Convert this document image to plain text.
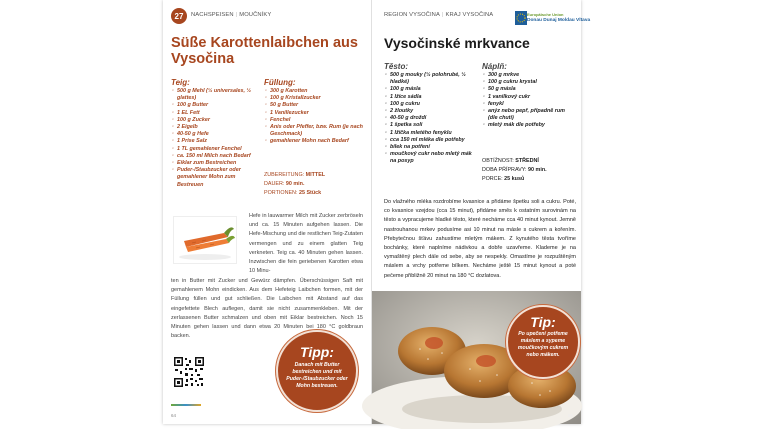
27	NACHSPEISEN | MOUČNÍKY
Süße Karottenlaibchen aus Vysočina
Teig:
· 500 g Mehl (½ universales, ½ glattes)
· 100 g Butter
· 1 EL Fett
· 100 g Zucker
· 2 Eigelb
· 40-50 g Hefe
· 1 Prise Salz
· 1 TL gemahlener Fenchel
· ca. 150 ml Milch nach Bedarf
· Eiklar zum Bestreichen
· Puder-/Staubzucker oder gemahlener Mohn zum Bestreuen
Füllung:
· 300 g Karotten
· 100 g Kristallzucker
· 50 g Butter
· 1 Vanillezucker
· Fenchel
· Anis oder Pfeffer, bzw. Rum (je nach Geschmack)
· gemahlener Mohn nach Bedarf
ZUBEREITUNG: MITTEL
DAUER: 90 min.
PORTIONEN: 25 Stück
Hefe in lauwarmer Milch mit Zucker zerbröseln und ca. 15 Minuten aufgehen lassen. Die Hefe-Mischung und die restlichen Teig-Zutaten vermengen und zu einem glatten Teig verkneten. Teig ca. 40 Minuten gehen lassen. Inzwischen die fein geriebenen Karotten etwa 10 Minu-
ten in Butter mit Zucker und Gewürz dämpfen. Überschüssigen Saft mit gemahlenem Mohn eindicken. Aus dem Hefeteig Laibchen formen, mit der Füllung füllen und gut schließen. Die Laibchen mit Abstand auf das eingefettete Blech auflegen, damit sie nicht zusammenkleben. Mit der zerlassenen Butter schmalzen und oben mit Eiklar bestreichen. Noch 15 Minuten gehen lassen und dann etwa 20 Minuten bei 180 °C goldbraun backen.
Tipp:
Danach mit Butter bestreichen und mit Puder-/Staubzucker oder Mohn bestreuen.
64
REGION VYSOČINA | KRAJ VYSOČINA	Europäische Union
Donau Dunaj Moldau Vltava
Vysočinské mrkvance
Těsto:
· 500 g mouky (½ polohrubé, ½ hladké)
· 100 g másla
· 1 lžíce sádla
· 100 g cukru
· 2 žloutky
· 40-50 g droždí
· 1 špetka soli
· 1 lžička mletého fenyklu
· cca 150 ml mléka dle potřeby
· bílek na potření
· moučkový cukr nebo mletý mák na posyp
Náplň:
· 300 g mrkve
· 100 g cukru krystal
· 50 g másla
· 1 vanilkový cukr
· fenykl
· anýz nebo pepř, případně rum (dle chuti)
· mletý mák dle potřeby
OBTÍŽNOST: STŘEDNÍ
DOBA PŘÍPRAVY: 90 min.
PORCE: 25 kusů
Do vlažného mléka rozdrobíme kvasnice a přidáme špetku soli a cukru. Poté, co kvasnice vzejdou (cca 15 minut), přidáme směs k ostatním surovinám na těsto a vypracujeme hladké těsto, které necháme cca 40 minut kynout. Jemně nastrouhanou mrkev podusíme asi 10 minut na másle s cukrem a kořením. Přebytečnou šťávu zahustíme mletým mákem. Z kynutého těsta tvoříme bochánky, které naplníme nádivkou a dobře uzavřeme. Klademe je na vymaštěný plech dále od sebe, aby se nespekly. Omastíme je rozpuštěným máslem a vrchy potřeme bílkem. Necháme ještě 15 minut kynout a poté pečeme přibližně 20 minut na 180 °C dozlatova.
Tip:
Po upečení potřeme máslem a sypeme moučkovým cukrem nebo mákem.
65
